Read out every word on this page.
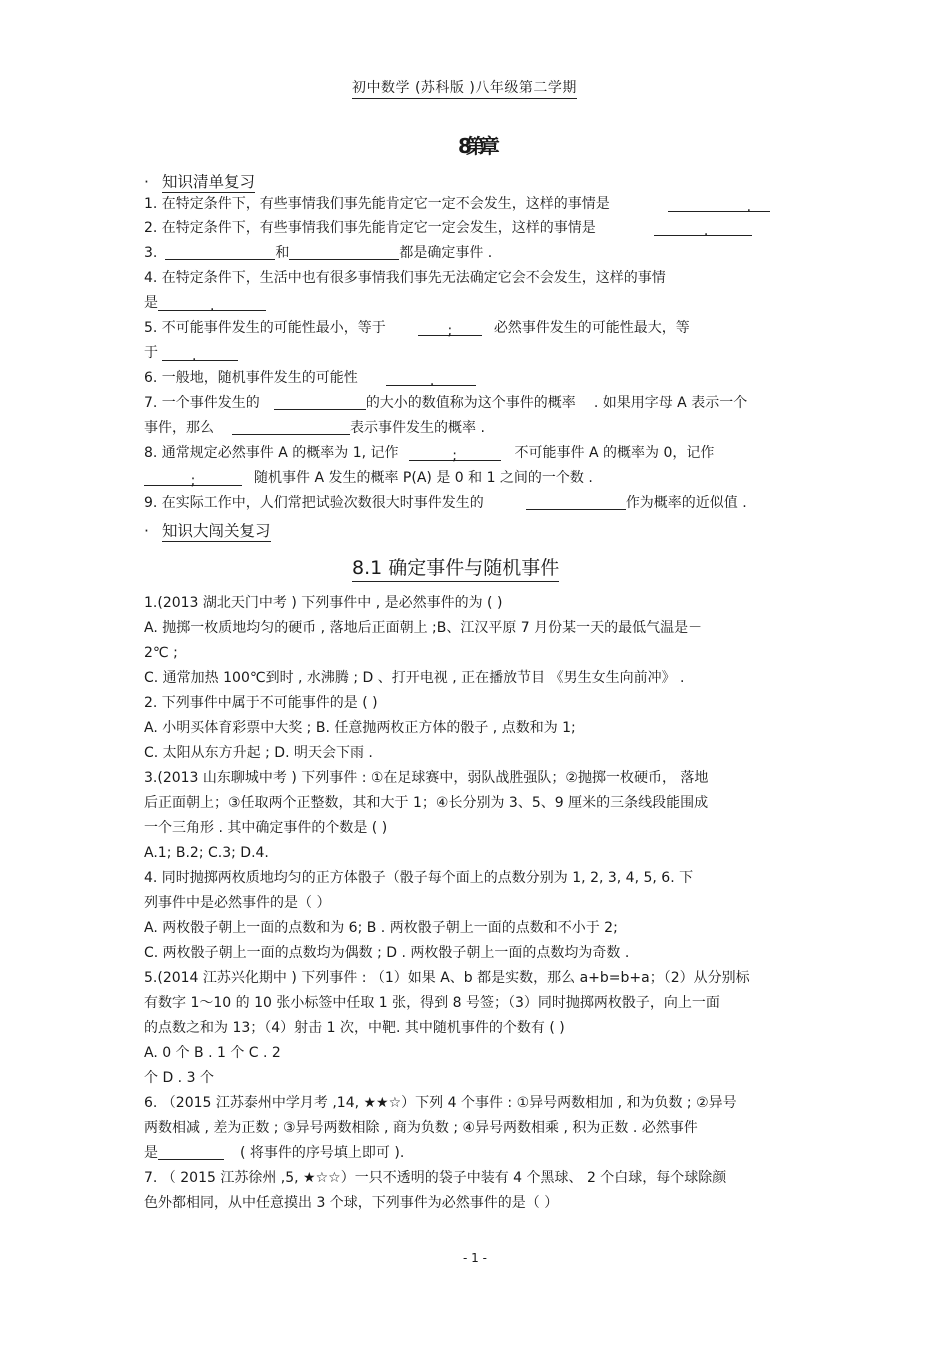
初中数学 (苏科版 )八年级第二学期
8第章
· 知识清单复习
1. 在特定条件下，有些事情我们事先能肯定它一定不会发生，这样的事情是	.
2. 在特定条件下，有些事情我们事先能肯定它一定会发生，这样的事情是	.
3.	和	都是确定事件 .
4. 在特定条件下，生活中也有很多事情我们事先无法确定它会不会发生，这样的事情
是	.
5. 不可能事件发生的可能性最小，等于	;	必然事件发生的可能性最大，等
于 .
6. 一般地，随机事件发生的可能性	.
7. 一个事件发生的	的大小的数值称为这个事件的概率 . 如果用字母 A 表示一个
事件，那么	表示事件发生的概率 .
8. 通常规定必然事件 A 的概率为 1, 记作	;	不可能事件 A 的概率为 0，记作
;	随机事件 A 发生的概率 P(A) 是 0 和 1 之间的一个数 .
9. 在实际工作中，人们常把试验次数很大时事件发生的	作为概率的近似值 .
· 知识大闯关复习
8.1 确定事件与随机事件
1.(2013 湖北天门中考 ) 下列事件中 , 是必然事件的为 ( )
A. 抛掷一枚质地均匀的硬币 , 落地后正面朝上 ;B、江汉平原 7 月份某一天的最低气温是－
2℃ ;
C. 通常加热 100℃到时 , 水沸腾 ; D 、打开电视 , 正在播放节目 《男生女生向前冲》 .
2. 下列事件中属于不可能事件的是 ( )
A. 小明买体育彩票中大奖 ; B. 任意抛两枚正方体的骰子 , 点数和为 1;
C. 太阳从东方升起 ; D. 明天会下雨 .
3.(2013 山东聊城中考 ) 下列事件 : ①在足球赛中，弱队战胜强队；②抛掷一枚硬币， 落地
后正面朝上；③任取两个正整数，其和大于 1；④长分别为 3、5、9 厘米的三条线段能围成
一个三角形 . 其中确定事件的个数是 ( )
A.1; B.2; C.3; D.4.
4. 同时抛掷两枚质地均匀的正方体骰子（骰子每个面上的点数分别为 1, 2, 3, 4, 5, 6. 下
列事件中是必然事件的是（ ）
A. 两枚骰子朝上一面的点数和为 6; B . 两枚骰子朝上一面的点数和不小于 2;
C. 两枚骰子朝上一面的点数均为偶数 ; D . 两枚骰子朝上一面的点数均为奇数 .
5.(2014 江苏兴化期中 ) 下列事件 : （1）如果 A、b 都是实数，那么 a+b=b+a；（2）从分别标
有数字 1～10 的 10 张小标签中任取 1 张，得到 8 号签；（3）同时抛掷两枚骰子，向上一面
的点数之和为 13；（4）射击 1 次，中靶. 其中随机事件的个数有 ( )
A. 0 个 B . 1 个 C . 2
个 D . 3 个
6. （2015 江苏泰州中学月考 ,14, ★★☆）下列 4 个事件 : ①异号两数相加 , 和为负数 ; ②异号
两数相减 , 差为正数 ; ③异号两数相除 , 商为负数 ; ④异号两数相乘 , 积为正数 . 必然事件
是	( 将事件的序号填上即可 ).
7. （ 2015 江苏徐州 ,5, ★☆☆）一只不透明的袋子中装有 4 个黑球、 2 个白球，每个球除颜
色外都相同，从中任意摸出 3 个球，下列事件为必然事件的是（ ）
- 1 -
